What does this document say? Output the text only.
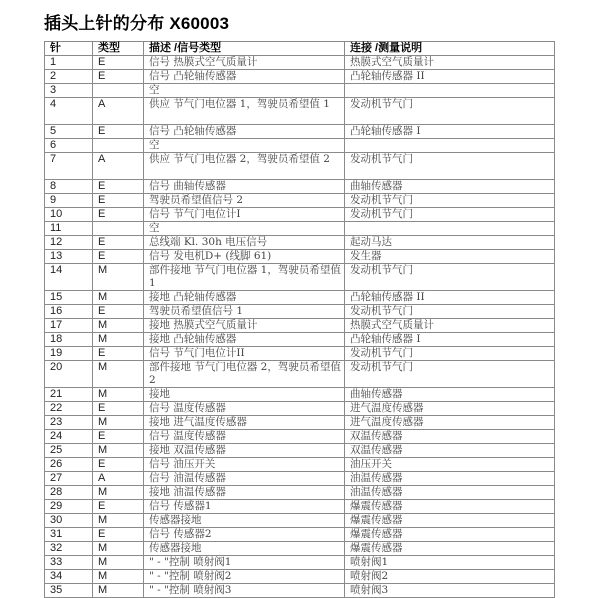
插头上针的分布 X60003
针	类型	描述 /信号类型	连接 /测量说明
1	E	信号 热膜式空气质量计	热膜式空气质量计
2	E	信号 凸轮轴传感器	凸轮轴传感器 II
3		空	
4	A	供应 节气门电位器 1，驾驶员希望值 1	发动机节气门
5	E	信号 凸轮轴传感器	凸轮轴传感器 I
6		空	
7	A	供应 节气门电位器 2，驾驶员希望值 2	发动机节气门
8	E	信号 曲轴传感器	曲轴传感器
9	E	驾驶员希望值信号 2	发动机节气门
10	E	信号 节气门电位计I	发动机节气门
11		空	
12	E	总线端 Kl. 30h 电压信号	起动马达
13	E	信号 发电机D+ (线脚 61)	发生器
14	M	部件接地 节气门电位器 1，驾驶员希望值 1	发动机节气门
15	M	接地 凸轮轴传感器	凸轮轴传感器 II
16	E	驾驶员希望值信号 1	发动机节气门
17	M	接地 热膜式空气质量计	热膜式空气质量计
18	M	接地 凸轮轴传感器	凸轮轴传感器 I
19	E	信号 节气门电位计II	发动机节气门
20	M	部件接地 节气门电位器 2，驾驶员希望值 2	发动机节气门
21	M	接地	曲轴传感器
22	E	信号 温度传感器	进气温度传感器
23	M	接地 进气温度传感器	进气温度传感器
24	E	信号 温度传感器	双温传感器
25	M	接地 双温传感器	双温传感器
26	E	信号 油压开关	油压开关
27	A	信号 油温传感器	油温传感器
28	M	接地 油温传感器	油温传感器
29	E	信号 传感器1	爆震传感器
30	M	传感器接地	爆震传感器
31	E	信号 传感器2	爆震传感器
32	M	传感器接地	爆震传感器
33	M	" - "控制 喷射阀1	喷射阀1
34	M	" - "控制 喷射阀2	喷射阀2
35	M	" - "控制 喷射阀3	喷射阀3
